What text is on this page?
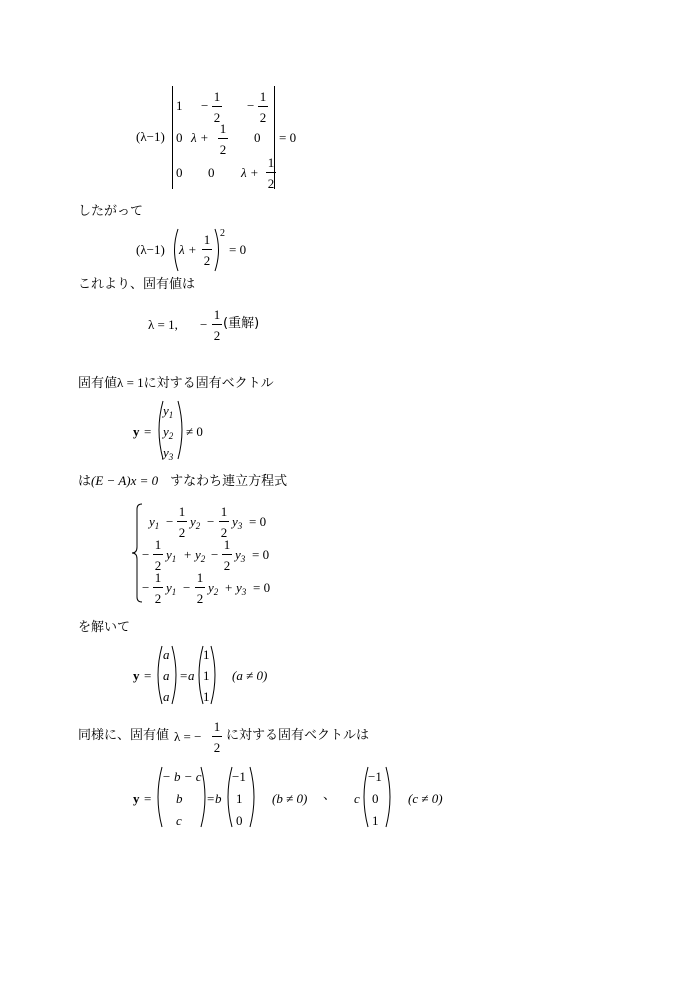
(λ−1)
1 −
1
2
−
1
2
0 λ +
1
2
0
0 0 λ +
1
2
= 0
したがって
(λ−1) λ +
1
2
2
= 0
これより、固有値は
λ = 1, −
1
2
(重解)
固有値λ = 1に対する固有ベクトル
y =
$y_1$
$y_2$
$y_3$
≠ 0
は(E − A)x = 0 すなわち連立方程式
$y_1$ −
1
2
$y_2$ −
1
2
$y_3 = 0$
−
1
2
$y_1 + y_2$ −
1
2
$y_3 = 0$
−
1
2
$y_1$ −
1
2
$y_2 + y_3 = 0$
を解いて
y =
a
a
a
= a
1
1
1
(a ≠ 0)
同様に、固有値 λ = −
1
2
に対する固有ベクトルは
y =
− b − c
b
c
= b
−1
1
0
(b ≠ 0) 、 c
−1
0
1
(c ≠ 0)
